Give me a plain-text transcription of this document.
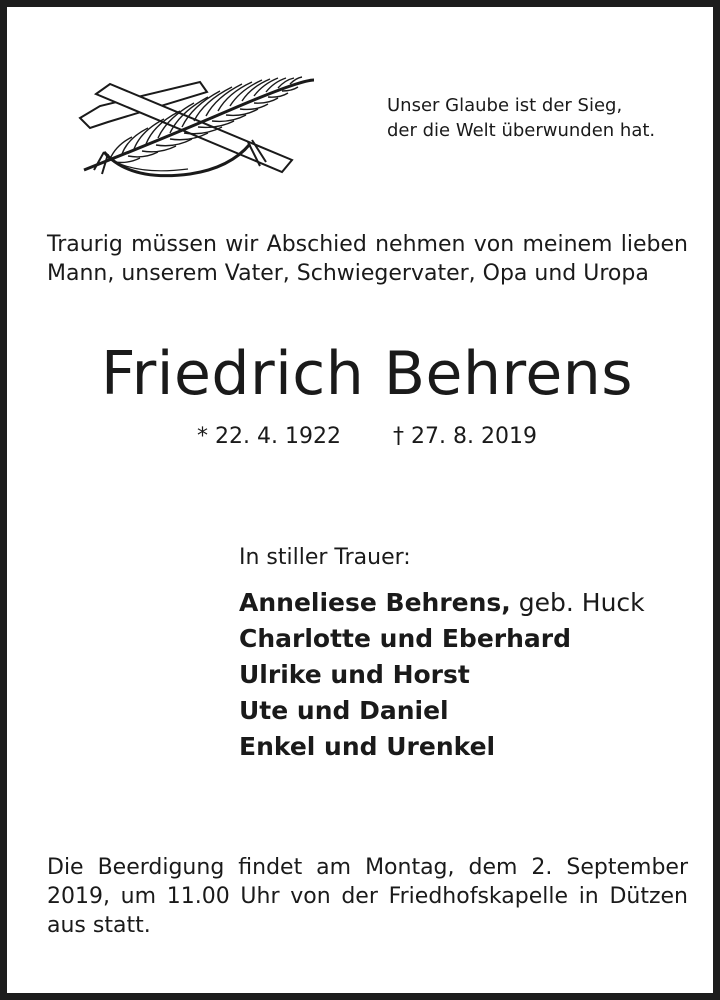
Unser Glaube ist der Sieg,
der die Welt überwunden hat.
Traurig müssen wir Abschied nehmen von meinem lieben Mann, unserem Vater, Schwiegervater, Opa und Uropa
Friedrich Behrens
* 22. 4. 1922 † 27. 8. 2019
In stiller Trauer:
Anneliese Behrens, geb. Huck
Charlotte und Eberhard
Ulrike und Horst
Ute und Daniel
Enkel und Urenkel
Die Beerdigung findet am Montag, dem 2. September 2019, um 11.00 Uhr von der Friedhofskapelle in Dützen aus statt.
